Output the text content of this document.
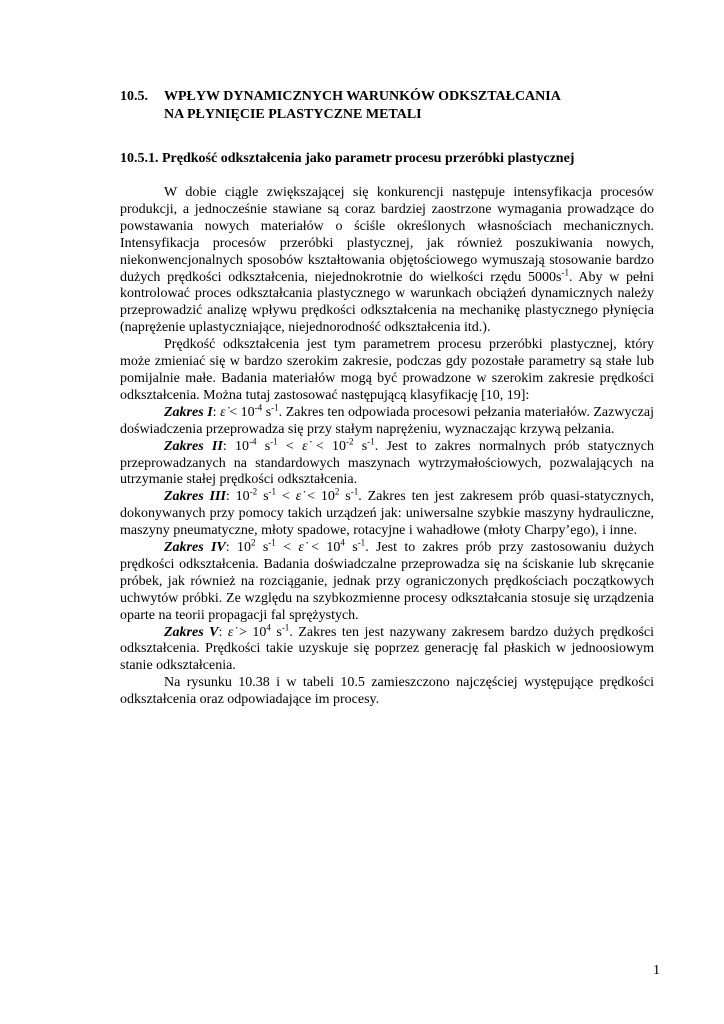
10.5. WPŁYW DYNAMICZNYCH WARUNKÓW ODKSZTAŁCANIA
NA PŁYNIĘCIE PLASTYCZNE METALI
10.5.1. Prędkość odkształcenia jako parametr procesu przeróbki plastycznej

W dobie ciągle zwiększającej się konkurencji następuje intensyfikacja procesów produkcji, a jednocześnie stawiane są coraz bardziej zaostrzone wymagania prowadzące do powstawania nowych materiałów o ściśle określonych własnościach mechanicznych. Intensyfikacja procesów przeróbki plastycznej, jak również poszukiwania nowych, niekonwencjonalnych sposobów kształtowania objętościowego wymuszają stosowanie bardzo dużych prędkości odkształcenia, niejednokrotnie do wielkości rzędu $5000s^{-1}$. Aby w pełni kontrolować proces odkształcania plastycznego w warunkach obciążeń dynamicznych należy przeprowadzić analizę wpływu prędkości odkształcenia na mechanikę plastycznego płynięcia (naprężenie uplastyczniające, niejednorodność odkształcenia itd.).

Prędkość odkształcenia jest tym parametrem procesu przeróbki plastycznej, który może zmieniać się w bardzo szerokim zakresie, podczas gdy pozostałe parametry są stałe lub pomijalnie małe. Badania materiałów mogą być prowadzone w szerokim zakresie prędkości odkształcenia. Można tutaj zastosować następującą klasyfikację [10, 19]:

Zakres I: ε̇ < $10^{-4}$ $s^{-1}$. Zakres ten odpowiada procesowi pełzania materiałów. Zazwyczaj doświadczenia przeprowadza się przy stałym naprężeniu, wyznaczając krzywą pełzania.

Zakres II: $10^{-4}$ $s^{-1}$ < ε̇ < $10^{-2}$ $s^{-1}$. Jest to zakres normalnych prób statycznych przeprowadzanych na standardowych maszynach wytrzymałościowych, pozwalających na utrzymanie stałej prędkości odkształcenia.

Zakres III: $10^{-2}$ $s^{-1}$ < ε̇ < $10^2$ $s^{-1}$. Zakres ten jest zakresem prób quasi-statycznych, dokonywanych przy pomocy takich urządzeń jak: uniwersalne szybkie maszyny hydrauliczne, maszyny pneumatyczne, młoty spadowe, rotacyjne i wahadłowe (młoty Charpy’ego), i inne.

Zakres IV: $10^2$ $s^{-1}$ < ε̇ < $10^4$ $s^{-1}$. Jest to zakres prób przy zastosowaniu dużych prędkości odkształcenia. Badania doświadczalne przeprowadza się na ściskanie lub skręcanie próbek, jak również na rozciąganie, jednak przy ograniczonych prędkościach początkowych uchwytów próbki. Ze względu na szybkozmienne procesy odkształcania stosuje się urządzenia oparte na teorii propagacji fal sprężystych.

Zakres V: ε̇ > $10^4$ $s^{-1}$. Zakres ten jest nazywany zakresem bardzo dużych prędkości odkształcenia. Prędkości takie uzyskuje się poprzez generację fal płaskich w jednoosiowym stanie odkształcenia.

Na rysunku 10.38 i w tabeli 10.5 zamieszczono najczęściej występujące prędkości odkształcenia oraz odpowiadające im procesy.

1
